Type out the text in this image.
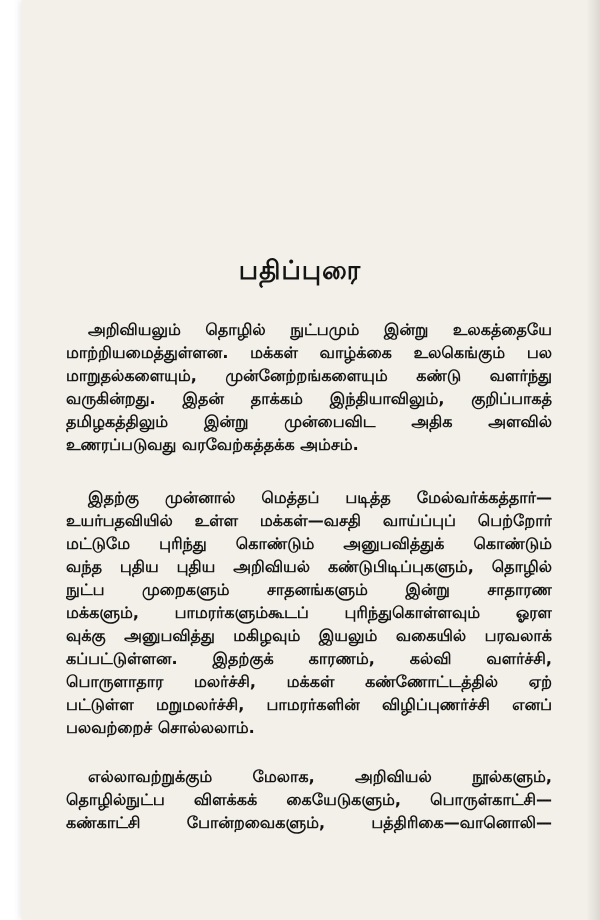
பதிப்புரை
அறிவியலும் தொழில் நுட்பமும் இன்று உலகத்தையே
மாற்றியமைத்துள்ளன. மக்கள் வாழ்க்கை உலகெங்கும் பல
மாறுதல்களையும், முன்னேற்றங்களையும் கண்டு வளர்ந்து
வருகின்றது. இதன் தாக்கம் இந்தியாவிலும், குறிப்பாகத்
தமிழகத்திலும் இன்று முன்பைவிட அதிக அளவில்
உணரப்படுவது வரவேற்கத்தக்க அம்சம்.
இதற்கு முன்னால் மெத்தப் படித்த மேல்வர்க்கத்தார்—
உயர்பதவியில் உள்ள மக்கள்—வசதி வாய்ப்புப் பெற்றோர்
மட்டுமே புரிந்து கொண்டும் அனுபவித்துக் கொண்டும்
வந்த புதிய புதிய அறிவியல் கண்டுபிடிப்புகளும், தொழில்
நுட்ப முறைகளும் சாதனங்களும் இன்று சாதாரண
மக்களும், பாமரர்களும்கூடப் புரிந்துகொள்ளவும் ஓரள
வுக்கு அனுபவித்து மகிழவும் இயலும் வகையில் பரவலாக்
கப்பட்டுள்ளன. இதற்குக் காரணம், கல்வி வளர்ச்சி,
பொருளாதார மலர்ச்சி, மக்கள் கண்ணோட்டத்தில் ஏற்
பட்டுள்ள மறுமலர்ச்சி, பாமரர்களின் விழிப்புணர்ச்சி எனப்
பலவற்றைச் சொல்லலாம்.
எல்லாவற்றுக்கும் மேலாக, அறிவியல் நூல்களும்,
தொழில்நுட்ப விளக்கக் கையேடுகளும், பொருள்காட்சி—
கண்காட்சி போன்றவைகளும், பத்திரிகை—வானொலி—
